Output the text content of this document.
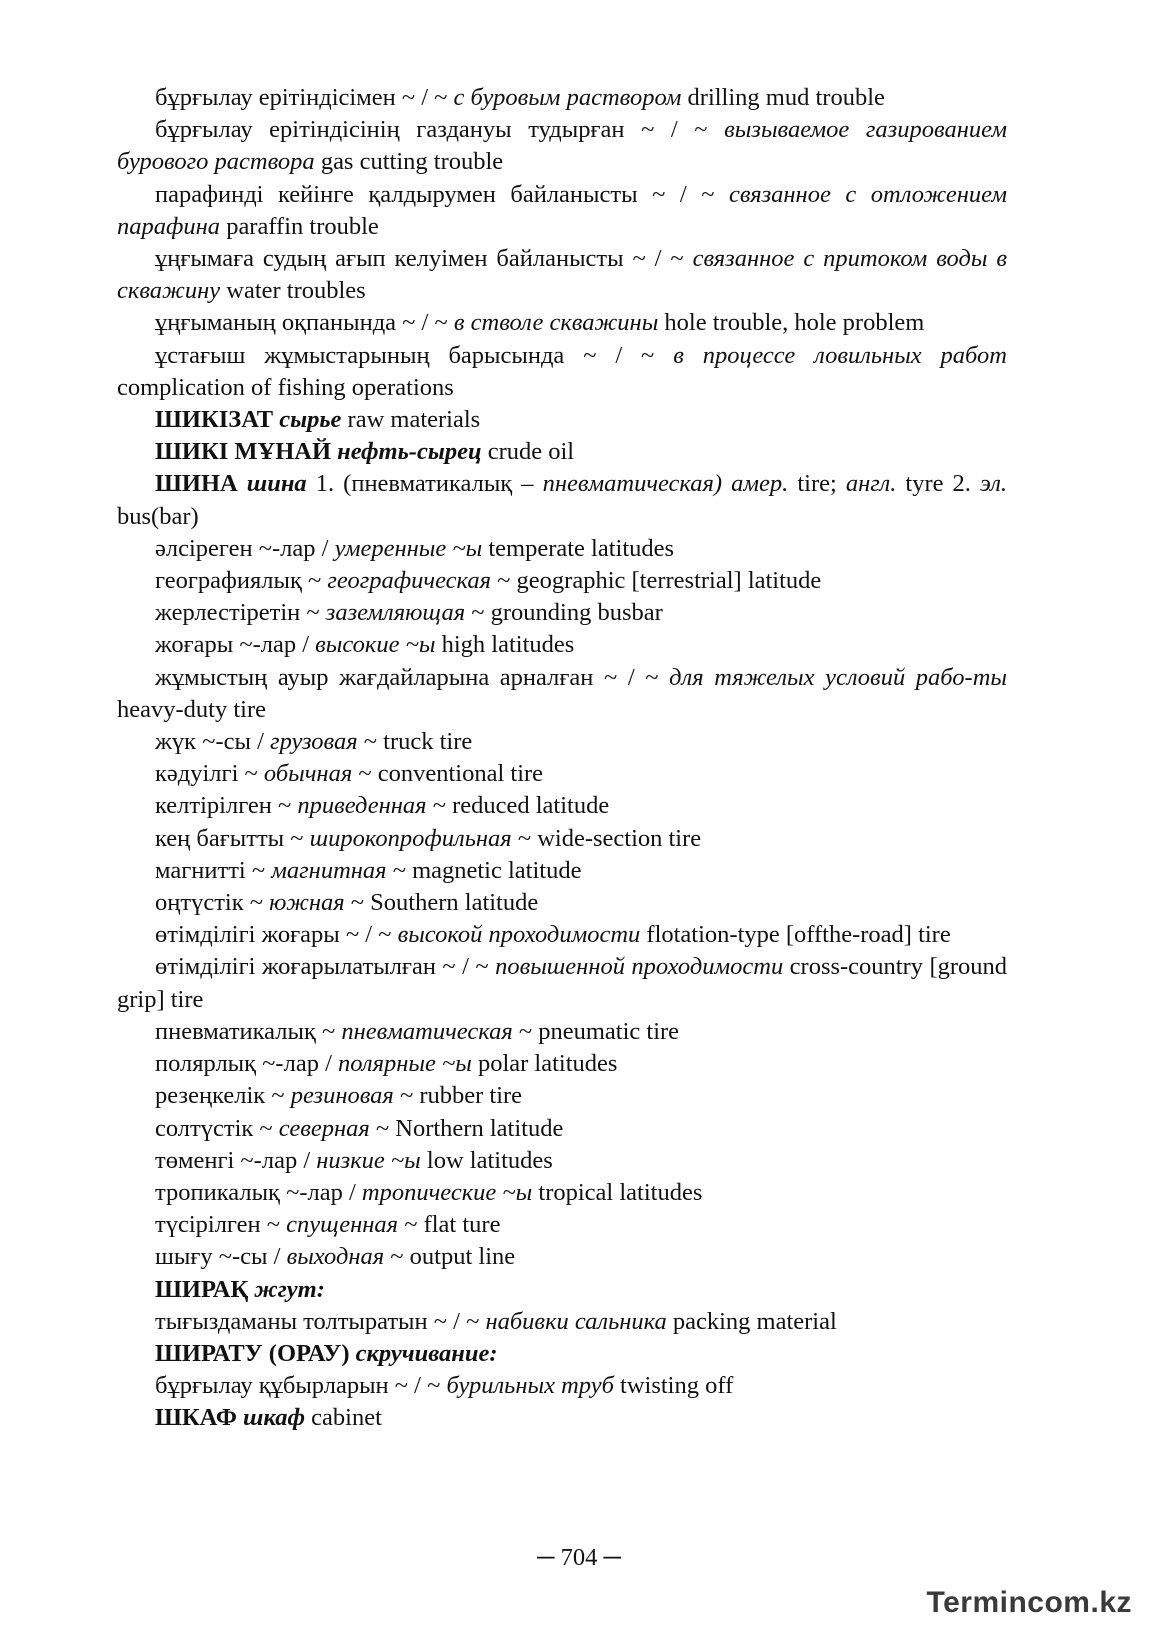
бұрғылау ерітіндісімен ~ / ~ с буровым раствором drilling mud trouble

бұрғылау ерітіндісінің газдануы тудырған ~ / ~ вызываемое газированием бурового раствора gas cutting trouble

парафинді кейінге қалдырумен байланысты ~ / ~ связанное с отложением парафина paraffin trouble

ұңғымаға судың ағып келуімен байланысты ~ / ~ связанное с притоком воды в скважину water troubles

ұңғыманың оқпанында ~ / ~ в стволе скважины hole trouble, hole problem

ұстағыш жұмыстарының барысында ~ / ~ в процессе ловильных работ complication of fishing operations

ШИКІЗАТ сырье raw materials

ШИКІ МҰНАЙ нефть-сырец crude oil

ШИНА шина 1. (пневматикалық – пневматическая) амер. tire; англ. tyre 2. эл. bus(bar)

әлсіреген ~-лар / умеренные ~ы temperate latitudes

географиялық ~ географическая ~ geographic [terrestrial] latitude

жерлестіретін ~ заземляющая ~ grounding busbar

жоғары ~-лар / высокие ~ы high latitudes

жұмыстың ауыр жағдайларына арналған ~ / ~ для тяжелых условий рабо-ты heavy-duty tire

жүк ~-сы / грузовая ~ truck tire

кәдуілгі ~ обычная ~ conventional tire

келтірілген ~ приведенная ~ reduced latitude

кең бағытты ~ широкопрофильная ~ wide-section tire

магнитті ~ магнитная ~ magnetic latitude

оңтүстік ~ южная ~ Southern latitude

өтімділігі жоғары ~ / ~ высокой проходимости flotation-type [offthe-road] tire

өтімділігі жоғарылатылған ~ / ~ повышенной проходимости cross-country [ground grip] tire

пневматикалық ~ пневматическая ~ pneumatic tire

полярлық ~-лар / полярные ~ы polar latitudes

резеңкелік ~ резиновая ~ rubber tire

солтүстік ~ северная ~ Northern latitude

төменгі ~-лар / низкие ~ы low latitudes

тропикалық ~-лар / тропические ~ы tropical latitudes

түсірілген ~ спущенная ~ flat ture

шығу ~-сы / выходная ~ output line

ШИРАҚ жгут:

тығыздаманы толтыратын ~ / ~ набивки сальника packing material

ШИРАТУ (ОРАУ) скручивание:

бұрғылау құбырларын ~ / ~ бурильных труб twisting off

ШКАФ шкаф cabinet

─ 704 ─
Termincom.kz
